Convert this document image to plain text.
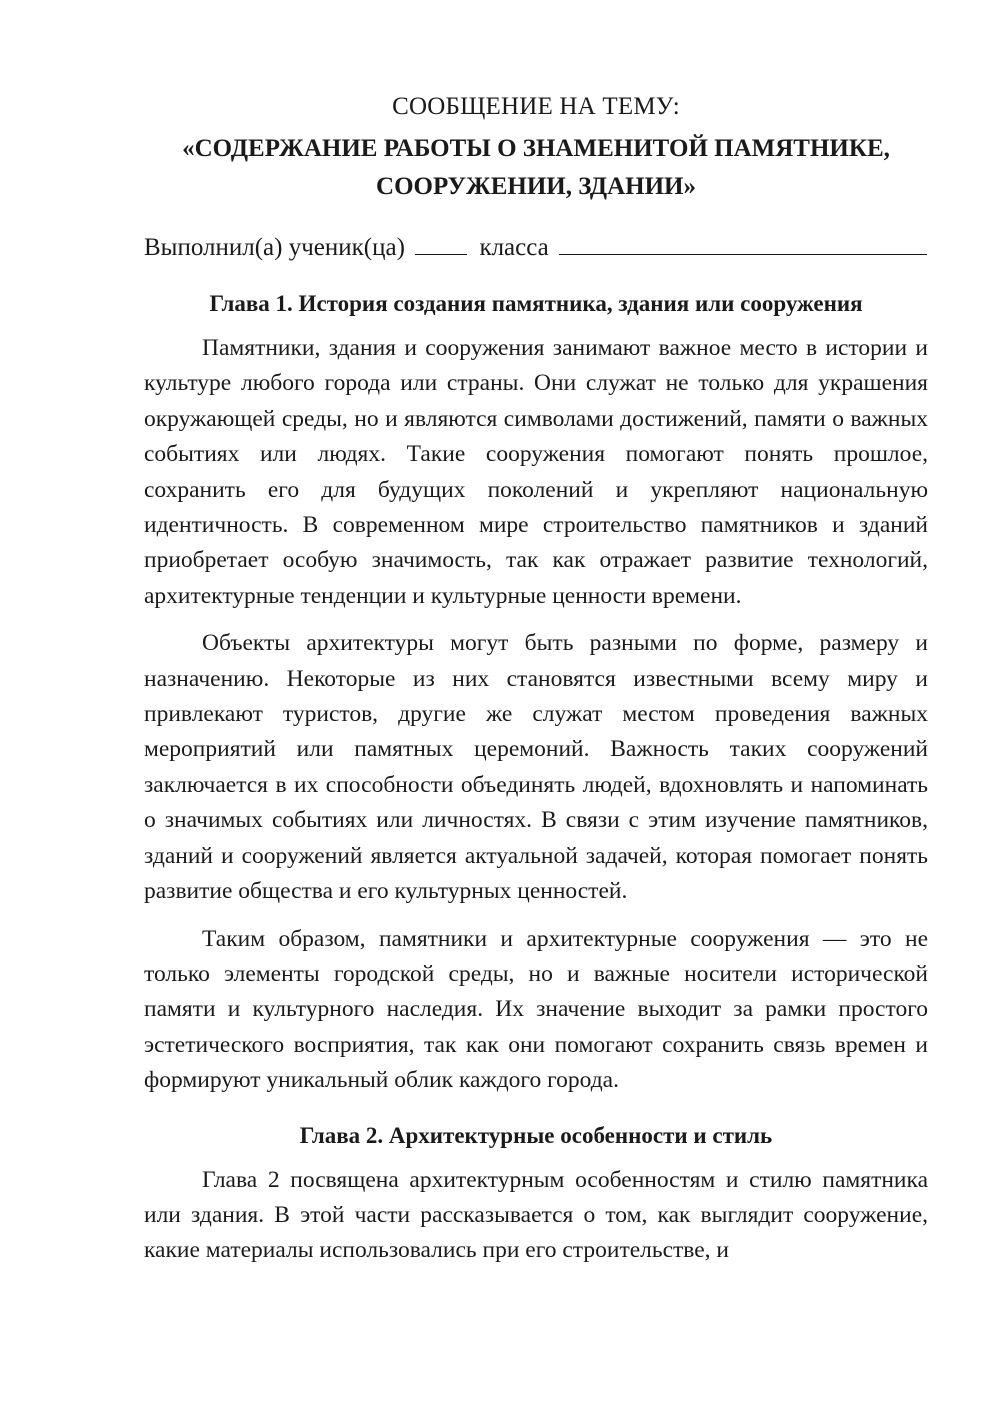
СООБЩЕНИЕ НА ТЕМУ:
«СОДЕРЖАНИЕ РАБОТЫ О ЗНАМЕНИТОЙ ПАМЯТНИКЕ,
СООРУЖЕНИИ, ЗДАНИИ»
Выполнил(а) ученик(ца)	класса
Глава 1. История создания памятника, здания или сооружения

Памятники, здания и сооружения занимают важное место в истории и культуре любого города или страны. Они служат не только для украшения окружающей среды, но и являются символами достижений, памяти о важных событиях или людях. Такие сооружения помогают понять прошлое, сохранить его для будущих поколений и укрепляют национальную идентичность. В современном мире строительство памятников и зданий приобретает особую значимость, так как отражает развитие технологий, архитектурные тенденции и культурные ценности времени.

Объекты архитектуры могут быть разными по форме, размеру и назначению. Некоторые из них становятся известными всему миру и привлекают туристов, другие же служат местом проведения важных мероприятий или памятных церемоний. Важность таких сооружений заключается в их способности объединять людей, вдохновлять и напоминать о значимых событиях или личностях. В связи с этим изучение памятников, зданий и сооружений является актуальной задачей, которая помогает понять развитие общества и его культурных ценностей.

Таким образом, памятники и архитектурные сооружения — это не только элементы городской среды, но и важные носители исторической памяти и культурного наследия. Их значение выходит за рамки простого эстетического восприятия, так как они помогают сохранить связь времен и формируют уникальный облик каждого города.

Глава 2. Архитектурные особенности и стиль

Глава 2 посвящена архитектурным особенностям и стилю памятника или здания. В этой части рассказывается о том, как выглядит сооружение, какие материалы использовались при его строительстве, и
